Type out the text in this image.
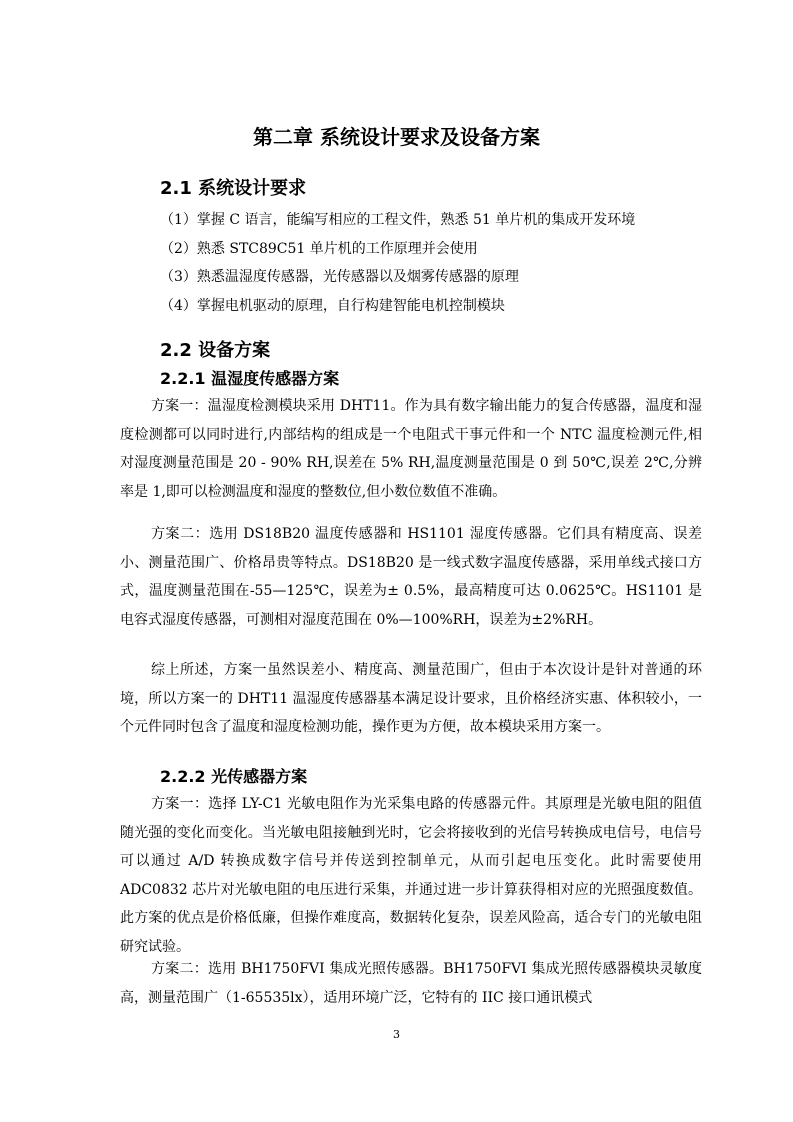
第二章 系统设计要求及设备方案
2.1 系统设计要求
（1）掌握 C 语言，能编写相应的工程文件，熟悉 51 单片机的集成开发环境
（2）熟悉 STC89C51 单片机的工作原理并会使用
（3）熟悉温湿度传感器，光传感器以及烟雾传感器的原理
（4）掌握电机驱动的原理，自行构建智能电机控制模块
2.2 设备方案
2.2.1 温湿度传感器方案

方案一：温湿度检测模块采用 DHT11。作为具有数字输出能力的复合传感器，温度和湿度检测都可以同时进行,内部结构的组成是一个电阻式干事元件和一个 NTC 温度检测元件,相对湿度测量范围是 20 - 90% RH,误差在 5% RH,温度测量范围是 0 到 50℃,误差 2℃,分辨率是 1,即可以检测温度和湿度的整数位,但小数位数值不准确。

方案二：选用 DS18B20 温度传感器和 HS1101 湿度传感器。它们具有精度高、误差小、测量范围广、价格昂贵等特点。DS18B20 是一线式数字温度传感器，采用单线式接口方式，温度测量范围在-55—125℃，误差为± 0.5%，最高精度可达 0.0625℃。HS1101 是电容式湿度传感器，可测相对湿度范围在 0%—100%RH，误差为±2%RH。

综上所述，方案一虽然误差小、精度高、测量范围广，但由于本次设计是针对普通的环境，所以方案一的 DHT11 温湿度传感器基本满足设计要求，且价格经济实惠、体积较小，一个元件同时包含了温度和湿度检测功能，操作更为方便，故本模块采用方案一。

2.2.2 光传感器方案

方案一：选择 LY-C1 光敏电阻作为光采集电路的传感器元件。其原理是光敏电阻的阻值随光强的变化而变化。当光敏电阻接触到光时，它会将接收到的光信号转换成电信号，电信号可以通过 A/D 转换成数字信号并传送到控制单元，从而引起电压变化。此时需要使用 ADC0832 芯片对光敏电阻的电压进行采集，并通过进一步计算获得相对应的光照强度数值。此方案的优点是价格低廉，但操作难度高，数据转化复杂，误差风险高，适合专门的光敏电阻研究试验。

方案二：选用 BH1750FVI 集成光照传感器。BH1750FVI 集成光照传感器模块灵敏度高，测量范围广（1-65535lx），适用环境广泛，它特有的 IIC 接口通讯模式

3
